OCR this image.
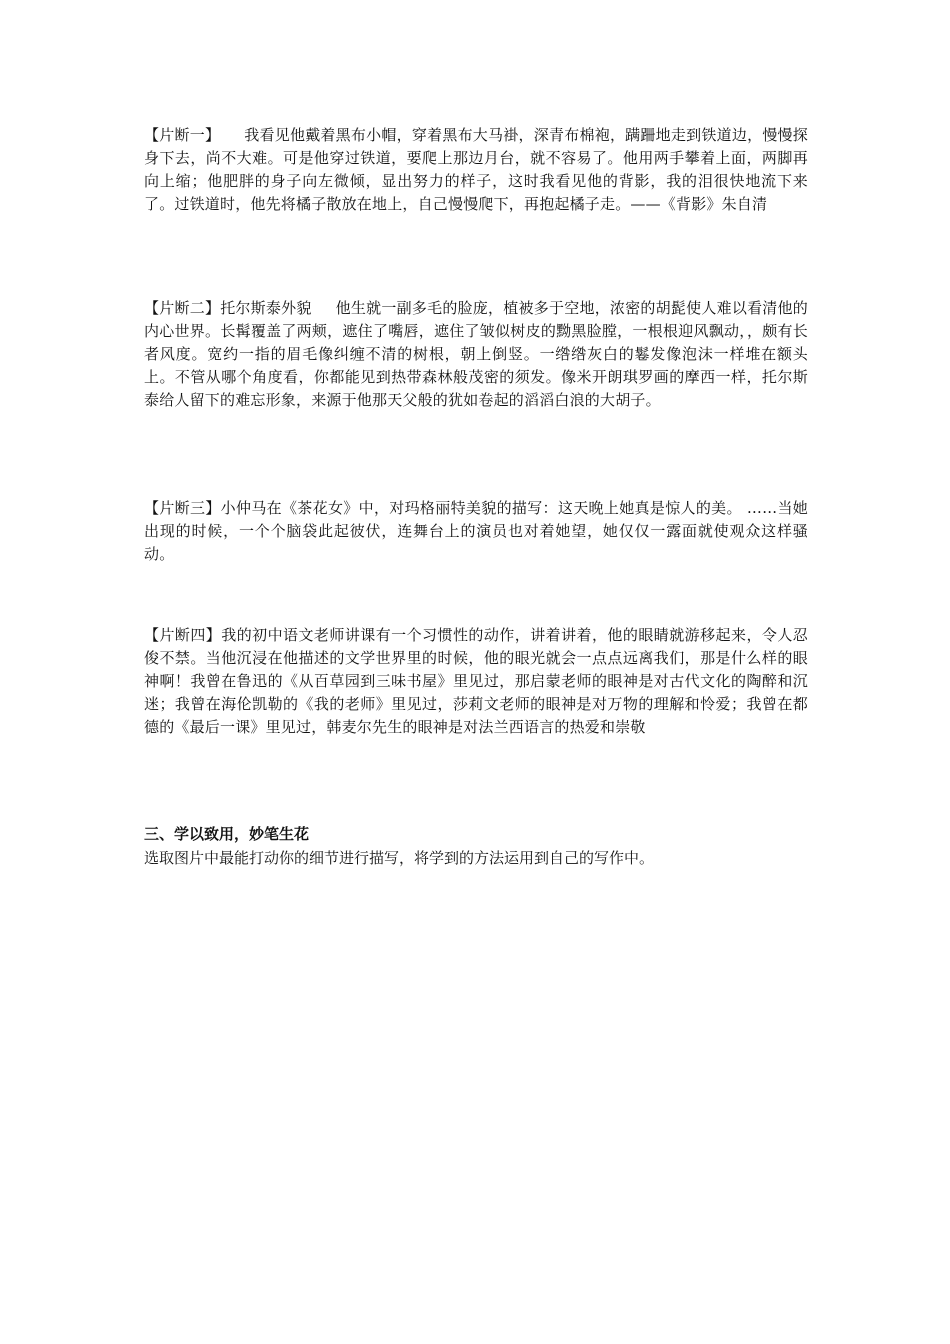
【片断一】 我看见他戴着黑布小帽，穿着黑布大马褂，深青布棉袍，蹒跚地走到铁道边，慢慢探身下去，尚不大难。可是他穿过铁道，要爬上那边月台，就不容易了。他用两手攀着上面，两脚再向上缩；他肥胖的身子向左微倾，显出努力的样子，这时我看见他的背影，我的泪很快地流下来了。过铁道时，他先将橘子散放在地上，自己慢慢爬下，再抱起橘子走。——《背影》朱自清

【片断二】托尔斯泰外貌 他生就一副多毛的脸庞，植被多于空地，浓密的胡髭使人难以看清他的内心世界。长髯覆盖了两颊，遮住了嘴唇，遮住了皱似树皮的黝黑脸膛，一根根迎风飘动，，颇有长者风度。宽约一指的眉毛像纠缠不清的树根，朝上倒竖。一绺绺灰白的鬈发像泡沫一样堆在额头上。不管从哪个角度看，你都能见到热带森林般茂密的须发。像米开朗琪罗画的摩西一样，托尔斯泰给人留下的难忘形象，来源于他那天父般的犹如卷起的滔滔白浪的大胡子。

【片断三】小仲马在《茶花女》中，对玛格丽特美貌的描写：这天晚上她真是惊人的美。 ……当她出现的时候，一个个脑袋此起彼伏，连舞台上的演员也对着她望，她仅仅一露面就使观众这样骚动。

【片断四】我的初中语文老师讲课有一个习惯性的动作，讲着讲着，他的眼睛就游移起来，令人忍俊不禁。当他沉浸在他描述的文学世界里的时候，他的眼光就会一点点远离我们，那是什么样的眼神啊！我曾在鲁迅的《从百草园到三味书屋》里见过，那启蒙老师的眼神是对古代文化的陶醉和沉迷；我曾在海伦凯勒的《我的老师》里见过，莎莉文老师的眼神是对万物的理解和怜爱；我曾在都德的《最后一课》里见过，韩麦尔先生的眼神是对法兰西语言的热爱和崇敬

三、学以致用，妙笔生花

选取图片中最能打动你的细节进行描写，将学到的方法运用到自己的写作中。
